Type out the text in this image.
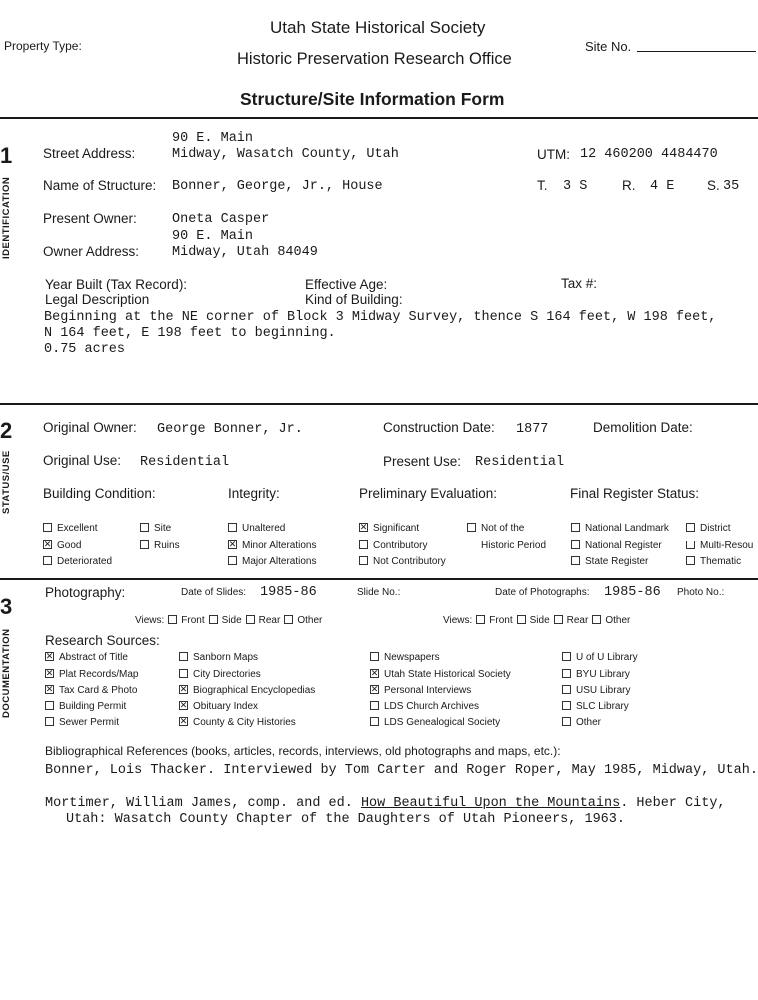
Utah State Historical Society
Property Type:	Site No.
Historic Preservation Research Office
Structure/Site Information Form
1
IDENTIFICATION
90 E. Main
Street Address:	Midway, Wasatch County, Utah	UTM: 12 460200 4484470
Name of Structure: Bonner, George, Jr., House	T. 3 S	R. 4 E S. 35
Present Owner:	Oneta Casper
90 E. Main
Owner Address: Midway, Utah 84049
Year Built (Tax Record):	Effective Age:	Tax #:
Legal Description	Kind of Building:
Beginning at the NE corner of Block 3 Midway Survey, thence S 164 feet, W 198 feet,
N 164 feet, E 198 feet to beginning.
0.75 acres
2
STATUS/USE
Original Owner: George Bonner, Jr.	Construction Date: 1877	Demolition Date:
Original Use: Residential	Present Use: Residential
Building Condition:	Integrity:	Preliminary Evaluation:	Final Register Status:
Excellent
✕Good
Deteriorated
Site
Ruins
Unaltered
✕Minor Alterations
Major Alterations
✕Significant
Contributory
Not Contributory
Not of the
Historic Period
National Landmark
National Register
State Register
District
Multi-Resou
Thematic
3
DOCUMENTATION
Photography:	Date of Slides: 1985-86	Slide No.:	Date of Photographs: 1985-86 Photo No.:
Views: Front Side Rear Other	Views: Front Side Rear Other
Research Sources:
✕Abstract of Title
✕Plat Records/Map
✕Tax Card & Photo
Building Permit
Sewer Permit
Sanborn Maps
City Directories
✕Biographical Encyclopedias
✕Obituary Index
✕County & City Histories
Newspapers
✕Utah State Historical Society
✕Personal Interviews
LDS Church Archives
LDS Genealogical Society
U of U Library
BYU Library
USU Library
SLC Library
Other
Bibliographical References (books, articles, records, interviews, old photographs and maps, etc.):
Bonner, Lois Thacker. Interviewed by Tom Carter and Roger Roper, May 1985, Midway, Utah.
Mortimer, William James, comp. and ed. How Beautiful Upon the Mountains. Heber City,
Utah: Wasatch County Chapter of the Daughters of Utah Pioneers, 1963.
